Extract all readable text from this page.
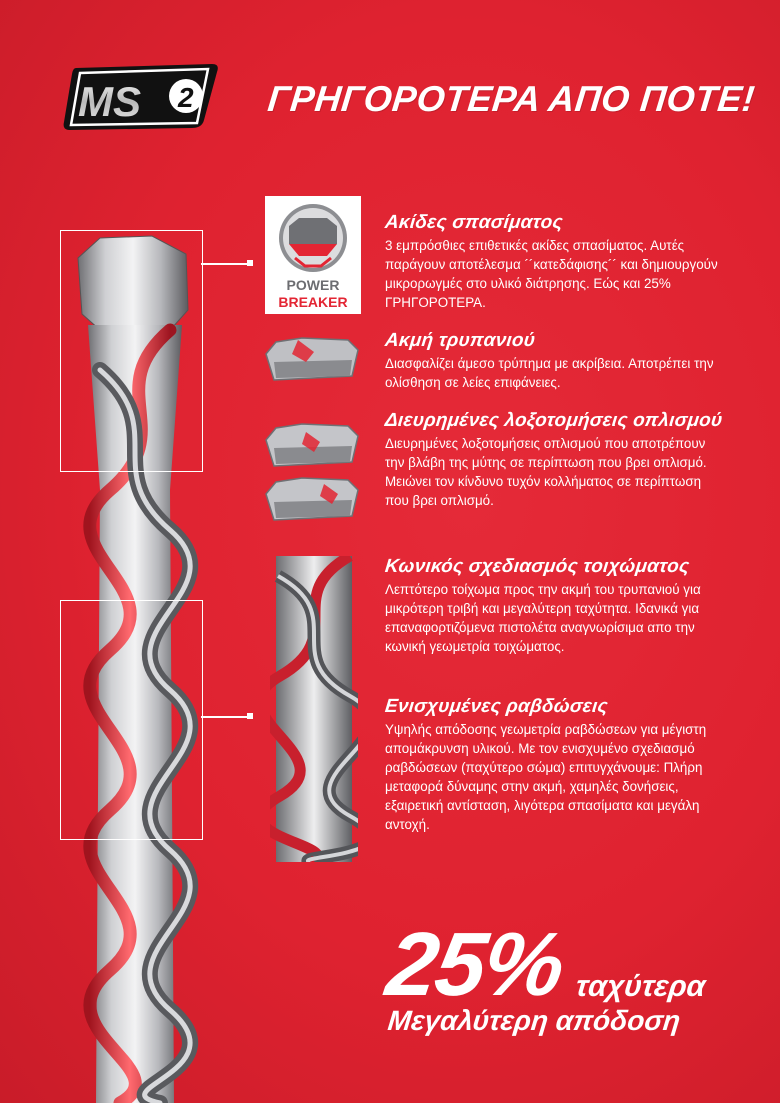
MS 2 ΓΡΗΓΟΡΟΤΕΡΑ ΑΠΟ ΠΟΤΕ!
POWER
BREAKER
Ακίδες σπασίματος

3 εμπρόσθιες επιθετικές ακίδες σπασίματος. Αυτές παράγουν αποτέλεσμα ´´κατεδάφισης´´ και δημιουργούν μικρορωγμές στο υλικό διάτρησης. Εώς και 25% ΓΡΗΓΟΡΟΤΕΡΑ.

Ακμή τρυπανιού

Διασφαλίζει άμεσο τρύπημα με ακρίβεια. Αποτρέπει την ολίσθηση σε λείες επιφάνειες.

Διευρημένες λοξοτομήσεις οπλισμού

Διευρημένες λοξοτομήσεις οπλισμού που αποτρέπουν την βλάβη της μύτης σε περίπτωση που βρει οπλισμό. Μειώνει τον κίνδυνο τυχόν κολλήματος σε περίπτωση που βρει οπλισμό.

Κωνικός σχεδιασμός τοιχώματος

Λεπτότερο τοίχωμα προς την ακμή του τρυπανιού για μικρότερη τριβή και μεγαλύτερη ταχύτητα. Ιδανικά για επαναφορτιζόμενα πιστολέτα αναγνωρίσιμα απο την κωνική γεωμετρία τοιχώματος.

Ενισχυμένες ραβδώσεις

Υψηλής απόδοσης γεωμετρία ραβδώσεων για μέγιστη απομάκρυνση υλικού. Με τον ενισχυμένο σχεδιασμό ραβδώσεων (παχύτερο σώμα) επιτυγχάνουμε: Πλήρη μεταφορά δύναμης στην ακμή, χαμηλές δονήσεις, εξαιρετική αντίσταση, λιγότερα σπασίματα και μεγάλη αντοχή.

25% ταχύτερα
Μεγαλύτερη απόδοση
